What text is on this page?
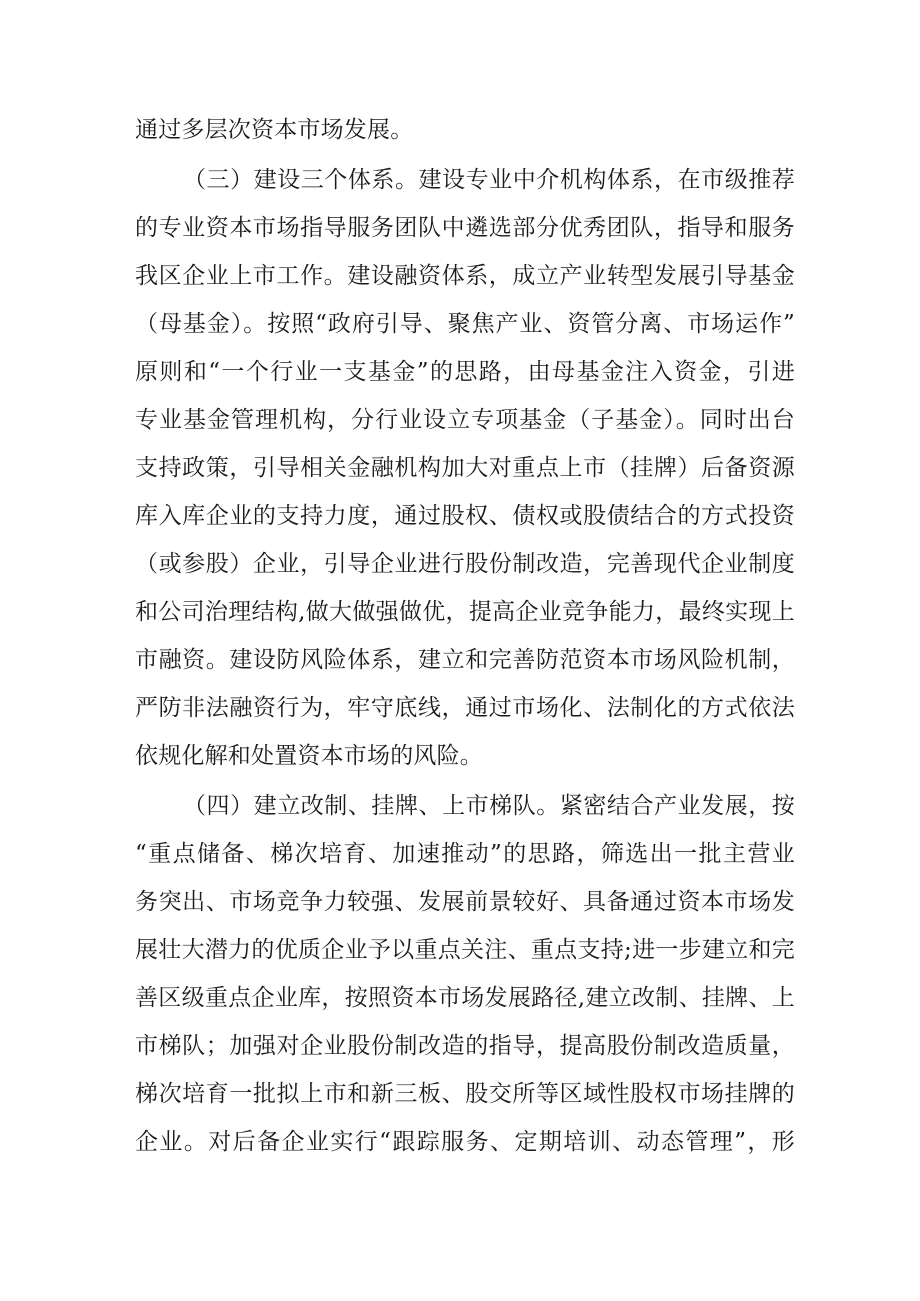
通过多层次资本市场发展。
（三）建设三个体系。建设专业中介机构体系，在市级推荐
的专业资本市场指导服务团队中遴选部分优秀团队，指导和服务
我区企业上市工作。建设融资体系，成立产业转型发展引导基金
（母基金）。按照“政府引导、聚焦产业、资管分离、市场运作”
原则和“一个行业一支基金”的思路，由母基金注入资金，引进
专业基金管理机构，分行业设立专项基金（子基金）。同时出台
支持政策，引导相关金融机构加大对重点上市（挂牌）后备资源
库入库企业的支持力度，通过股权、债权或股债结合的方式投资
（或参股）企业，引导企业进行股份制改造，完善现代企业制度
和公司治理结构,做大做强做优，提高企业竞争能力，最终实现上
市融资。建设防风险体系，建立和完善防范资本市场风险机制，
严防非法融资行为，牢守底线，通过市场化、法制化的方式依法
依规化解和处置资本市场的风险。
（四）建立改制、挂牌、上市梯队。紧密结合产业发展，按
“重点储备、梯次培育、加速推动”的思路，筛选出一批主营业
务突出、市场竞争力较强、发展前景较好、具备通过资本市场发
展壮大潜力的优质企业予以重点关注、重点支持;进一步建立和完
善区级重点企业库，按照资本市场发展路径,建立改制、挂牌、上
市梯队；加强对企业股份制改造的指导，提高股份制改造质量，
梯次培育一批拟上市和新三板、股交所等区域性股权市场挂牌的
企业。对后备企业实行“跟踪服务、定期培训、动态管理”，形
